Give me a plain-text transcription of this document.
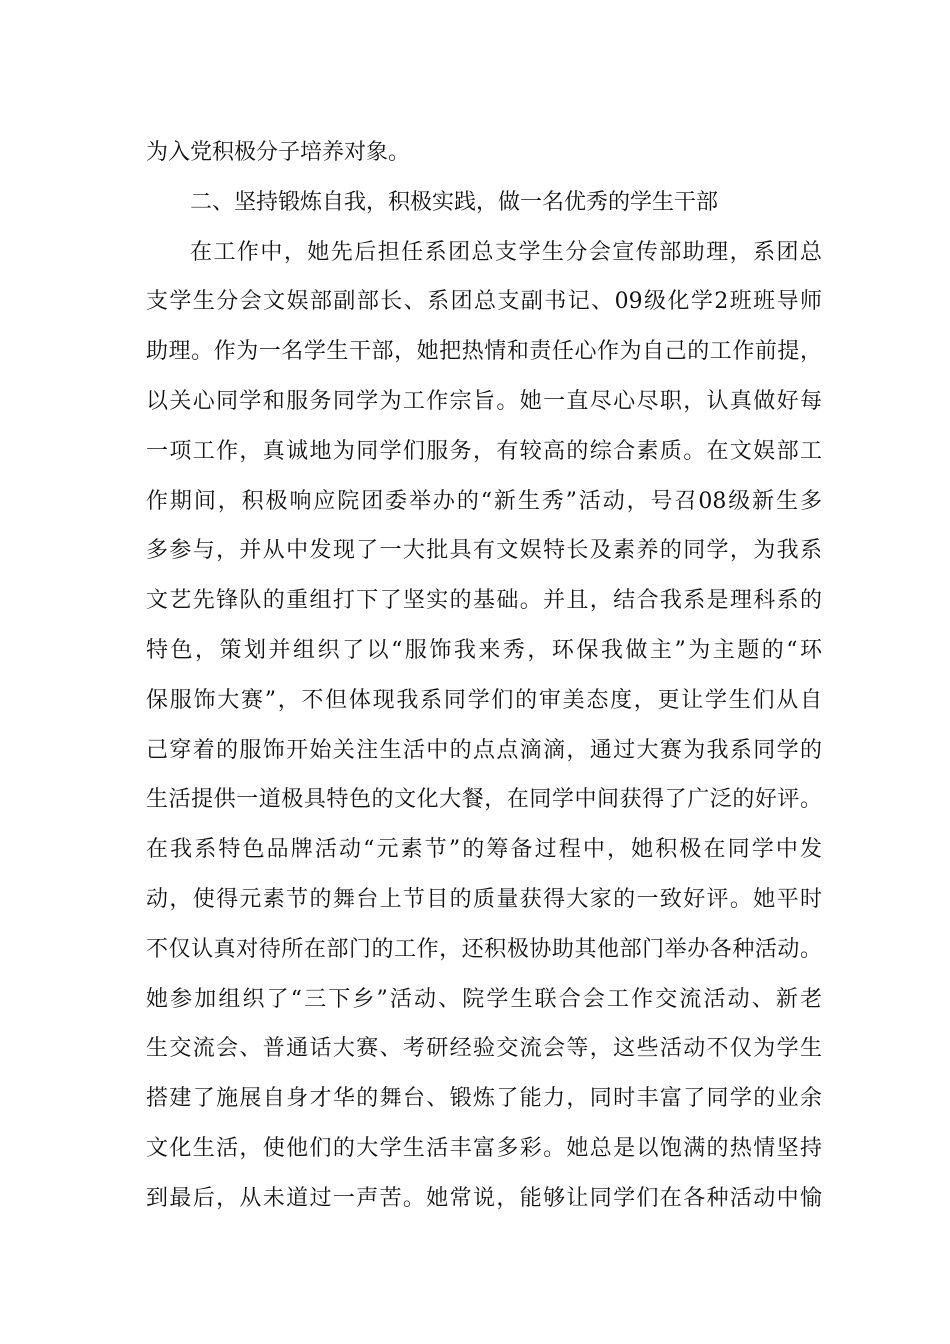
为入党积极分子培养对象。
二、坚持锻炼自我，积极实践，做一名优秀的学生干部
在工作中，她先后担任系团总支学生分会宣传部助理，系团总
支学生分会文娱部副部长、系团总支副书记、09级化学2班班导师
助理。作为一名学生干部，她把热情和责任心作为自己的工作前提，
以关心同学和服务同学为工作宗旨。她一直尽心尽职，认真做好每
一项工作，真诚地为同学们服务，有较高的综合素质。在文娱部工
作期间，积极响应院团委举办的“新生秀”活动，号召08级新生多
多参与，并从中发现了一大批具有文娱特长及素养的同学，为我系
文艺先锋队的重组打下了坚实的基础。并且，结合我系是理科系的
特色，策划并组织了以“服饰我来秀，环保我做主”为主题的“环
保服饰大赛”，不但体现我系同学们的审美态度，更让学生们从自
己穿着的服饰开始关注生活中的点点滴滴，通过大赛为我系同学的
生活提供一道极具特色的文化大餐，在同学中间获得了广泛的好评。
在我系特色品牌活动“元素节”的筹备过程中，她积极在同学中发
动，使得元素节的舞台上节目的质量获得大家的一致好评。她平时
不仅认真对待所在部门的工作，还积极协助其他部门举办各种活动。
她参加组织了“三下乡”活动、院学生联合会工作交流活动、新老
生交流会、普通话大赛、考研经验交流会等，这些活动不仅为学生
搭建了施展自身才华的舞台、锻炼了能力，同时丰富了同学的业余
文化生活，使他们的大学生活丰富多彩。她总是以饱满的热情坚持
到最后，从未道过一声苦。她常说，能够让同学们在各种活动中愉
